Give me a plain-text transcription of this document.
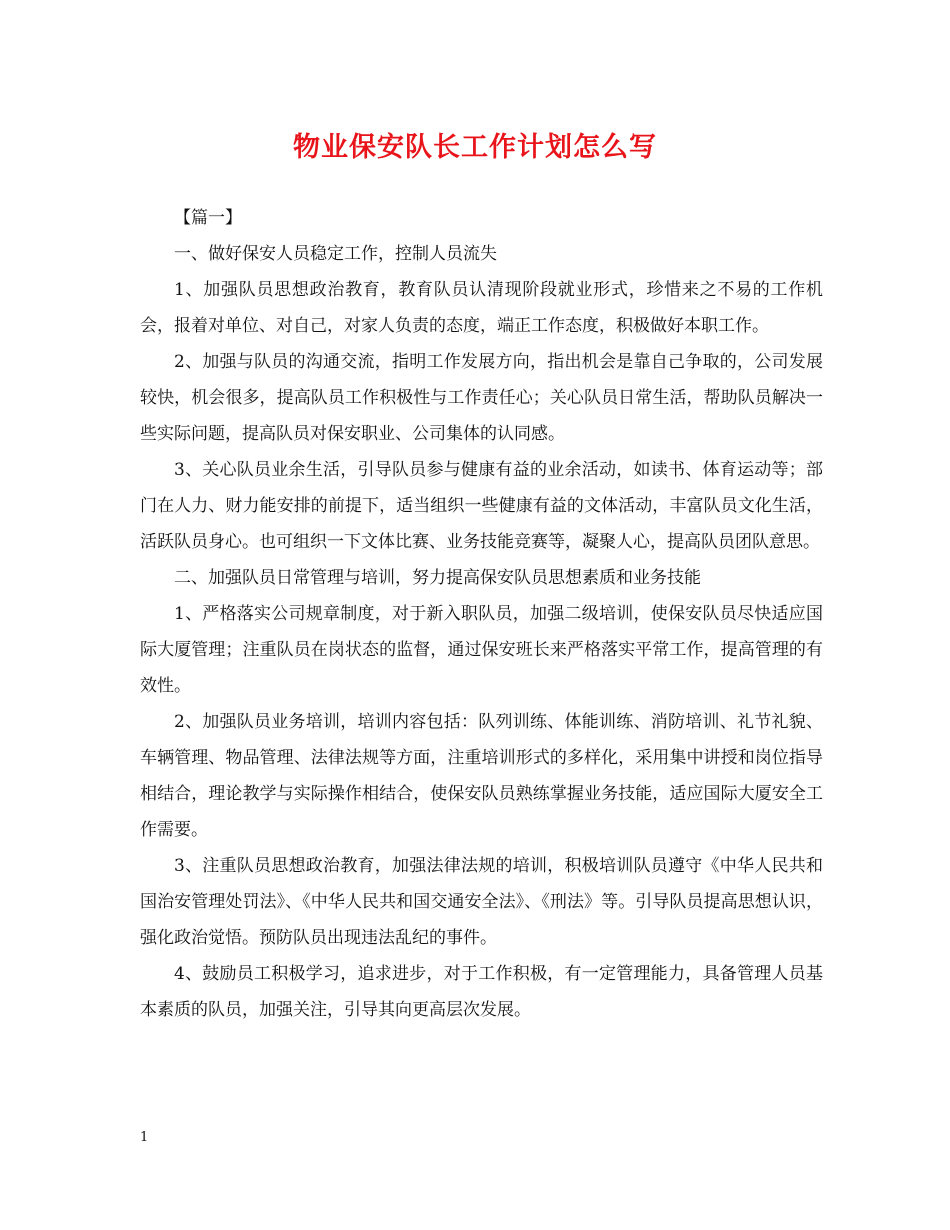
物业保安队长工作计划怎么写

【篇一】

一、做好保安人员稳定工作，控制人员流失

1、加强队员思想政治教育，教育队员认清现阶段就业形式，珍惜来之不易的工作机会，报着对单位、对自己，对家人负责的态度，端正工作态度，积极做好本职工作。

2、加强与队员的沟通交流，指明工作发展方向，指出机会是靠自己争取的，公司发展较快，机会很多，提高队员工作积极性与工作责任心；关心队员日常生活，帮助队员解决一些实际问题，提高队员对保安职业、公司集体的认同感。

3、关心队员业余生活，引导队员参与健康有益的业余活动，如读书、体育运动等；部门在人力、财力能安排的前提下，适当组织一些健康有益的文体活动，丰富队员文化生活，活跃队员身心。也可组织一下文体比赛、业务技能竞赛等，凝聚人心，提高队员团队意思。

二、加强队员日常管理与培训，努力提高保安队员思想素质和业务技能

1、严格落实公司规章制度，对于新入职队员，加强二级培训，使保安队员尽快适应国际大厦管理；注重队员在岗状态的监督，通过保安班长来严格落实平常工作，提高管理的有效性。

2、加强队员业务培训，培训内容包括：队列训练、体能训练、消防培训、礼节礼貌、车辆管理、物品管理、法律法规等方面，注重培训形式的多样化，采用集中讲授和岗位指导相结合，理论教学与实际操作相结合，使保安队员熟练掌握业务技能，适应国际大厦安全工作需要。

3、注重队员思想政治教育，加强法律法规的培训，积极培训队员遵守《中华人民共和国治安管理处罚法》、《中华人民共和国交通安全法》、《刑法》等。引导队员提高思想认识，强化政治觉悟。预防队员出现违法乱纪的事件。

4、鼓励员工积极学习，追求进步，对于工作积极，有一定管理能力，具备管理人员基本素质的队员，加强关注，引导其向更高层次发展。

1
